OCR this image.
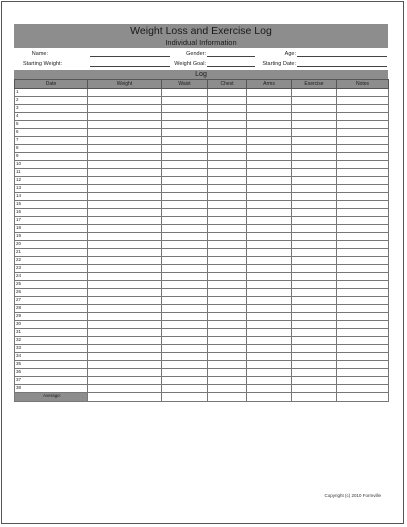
Weight Loss and Exercise Log
Individual Information
Name:	Gender:	Age:
Starting Weight:	Weight Goal:	Starting Date:
Log
Date	Weight	Waist	Chest	Arms	Exercise	Notes
1						
2						
3						
4						
5						
6						
7						
8						
9						
10						
11						
12						
13						
14						
15						
16						
17						
18						
19						
20						
21						
22						
23						
24						
25						
26						
27						
28						
29						
30						
31						
32						
33						
34						
35						
36						
37						
38						
Average:						
Copyright (c) 2010 Formville
